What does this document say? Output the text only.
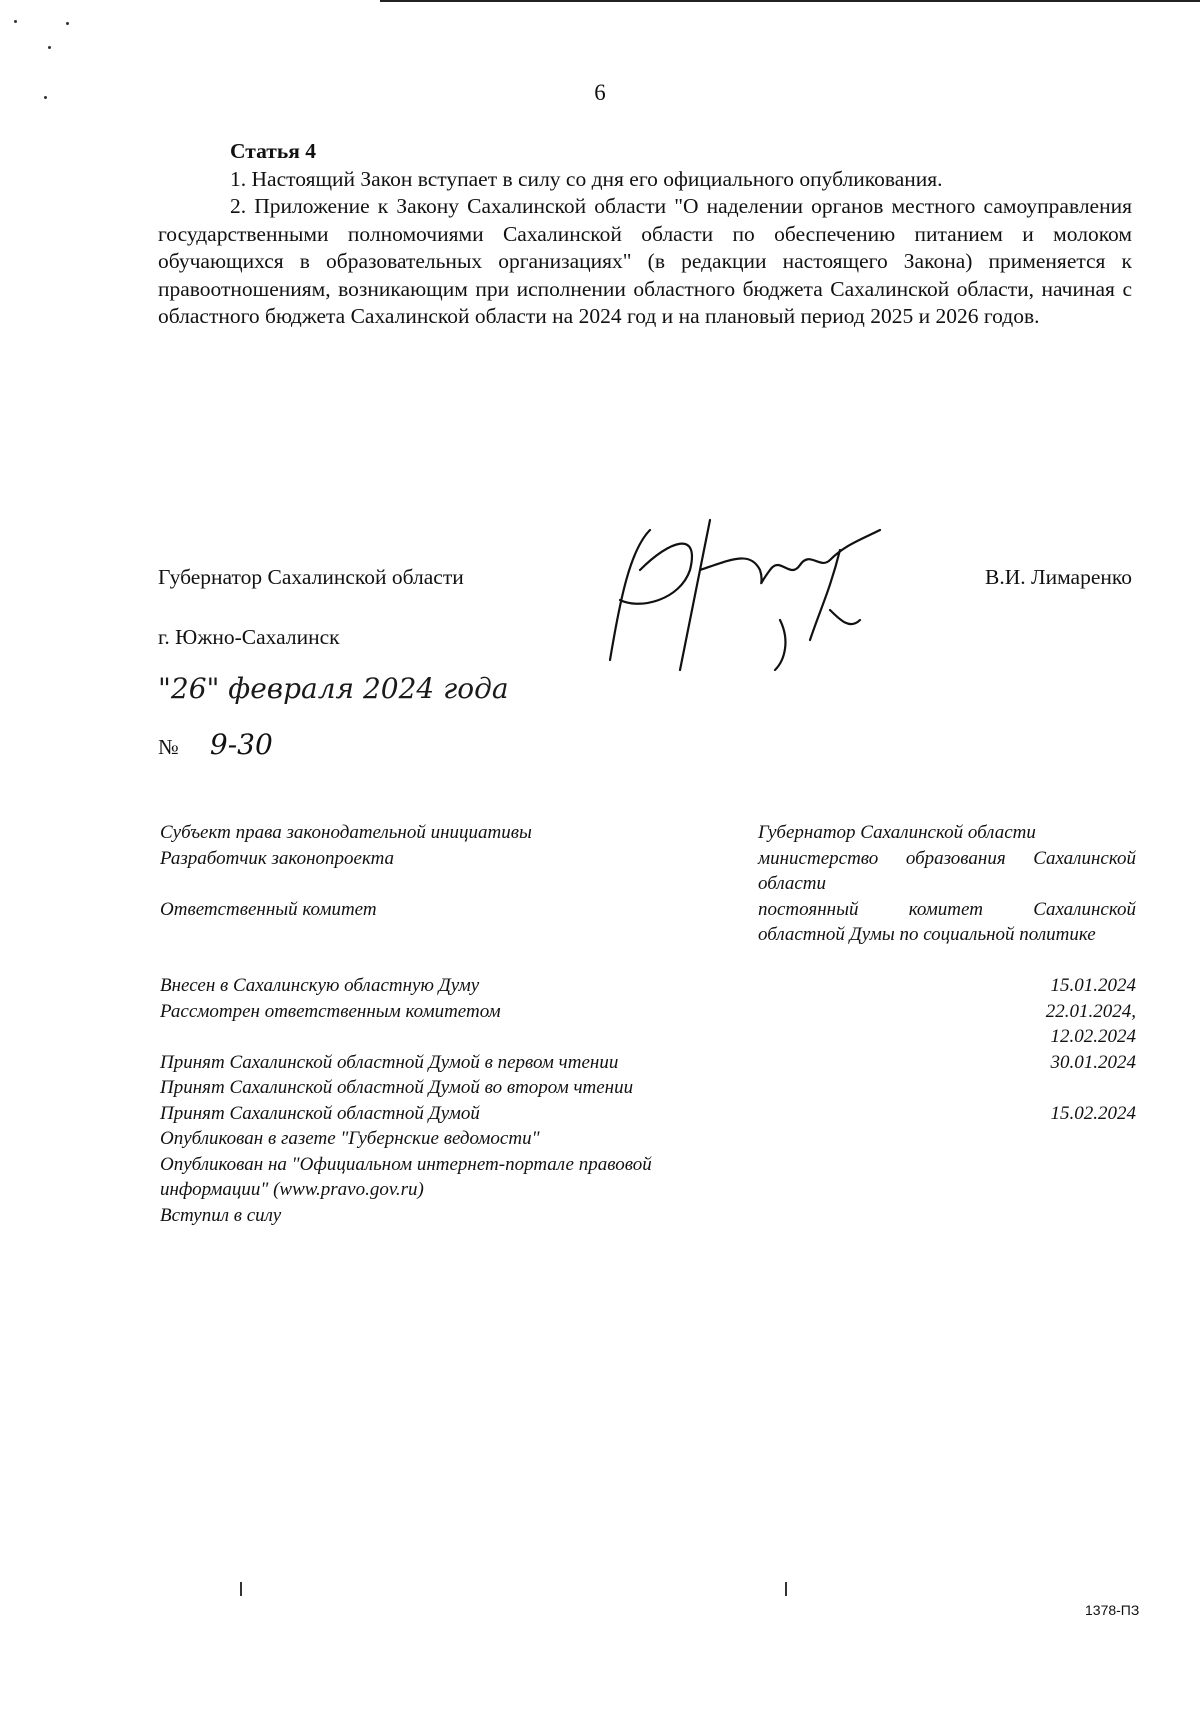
6
Статья 4

1. Настоящий Закон вступает в силу со дня его официального опубликования.

2. Приложение к Закону Сахалинской области "О наделении органов местного самоуправления государственными полномочиями Сахалинской области по обеспечению питанием и молоком обучающихся в образовательных организациях" (в редакции настоящего Закона) применяется к правоотношениям, возникающим при исполнении областного бюджета Сахалинской области, начиная с областного бюджета Сахалинской области на 2024 год и на плановый период 2025 и 2026 годов.

Губернатор Сахалинской области	В.И. Лимаренко
г. Южно-Сахалинск
"26" февраля 2024 года
№ 9-30
Субъект права законодательной инициативы	Губернатор Сахалинской области
Разработчик законопроекта	министерство образования Сахалинской области
Ответственный комитет	постоянный комитет Сахалинской областной Думы по социальной политике
Внесен в Сахалинскую областную Думу	15.01.2024
Рассмотрен ответственным комитетом	22.01.2024,
12.02.2024
Принят Сахалинской областной Думой в первом чтении	30.01.2024
Принят Сахалинской областной Думой во втором чтении
Принят Сахалинской областной Думой	15.02.2024
Опубликован в газете "Губернские ведомости"
Опубликован на "Официальном интернет-портале правовой информации" (www.pravo.gov.ru)
Вступил в силу
1378-ПЗ
